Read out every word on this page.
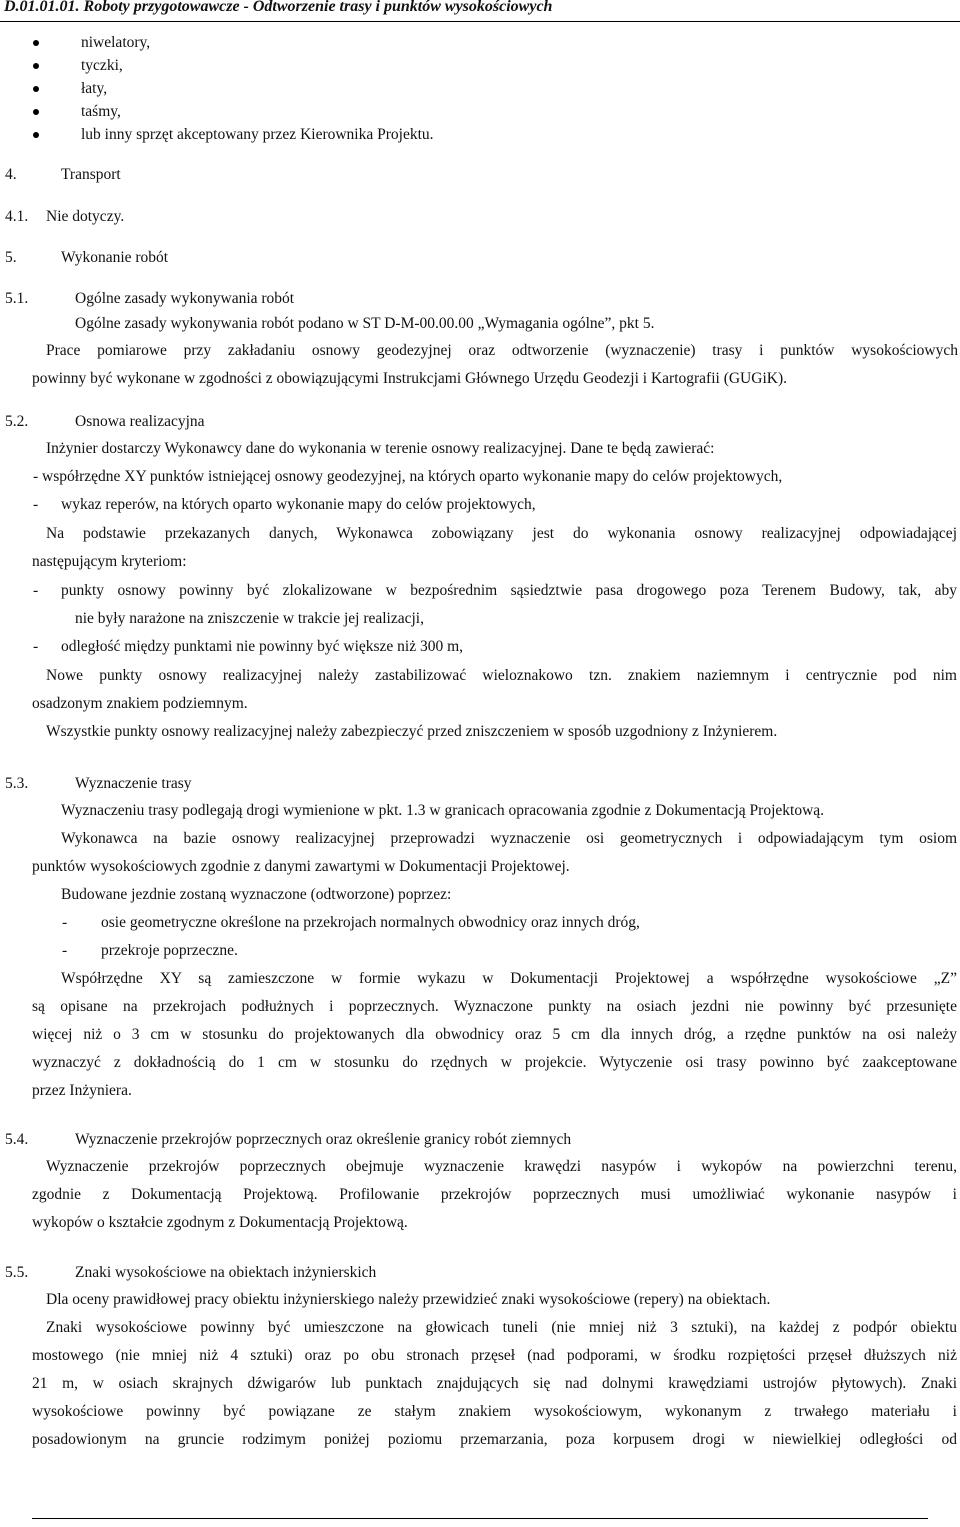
D.01.01.01. Roboty przygotowawcze - Odtworzenie trasy i punktów wysokościowych
niwelatory,
tyczki,
łaty,
taśmy,
lub inny sprzęt akceptowany przez Kierownika Projektu.
4.	Transport
4.1. Nie dotyczy.
5.	Wykonanie robót
5.1.	Ogólne zasady wykonywania robót
Ogólne zasady wykonywania robót podano w ST D-M-00.00.00 „Wymagania ogólne”, pkt 5.
Prace pomiarowe przy zakładaniu osnowy geodezyjnej oraz odtworzenie (wyznaczenie) trasy i punktów wysokościowych
powinny być wykonane w zgodności z obowiązującymi Instrukcjami Głównego Urzędu Geodezji i Kartografii (GUGiK).
5.2.	Osnowa realizacyjna
Inżynier dostarczy Wykonawcy dane do wykonania w terenie osnowy realizacyjnej. Dane te będą zawierać:
- współrzędne XY punktów istniejącej osnowy geodezyjnej, na których oparto wykonanie mapy do celów projektowych,
- wykaz reperów, na których oparto wykonanie mapy do celów projektowych,
Na podstawie przekazanych danych, Wykonawca zobowiązany jest do wykonania osnowy realizacyjnej odpowiadającej
następującym kryteriom:
- punkty osnowy powinny być zlokalizowane w bezpośrednim sąsiedztwie pasa drogowego poza Terenem Budowy, tak, aby
nie były narażone na zniszczenie w trakcie jej realizacji,
- odległość między punktami nie powinny być większe niż 300 m,
Nowe punkty osnowy realizacyjnej należy zastabilizować wieloznakowo tzn. znakiem naziemnym i centrycznie pod nim
osadzonym znakiem podziemnym.
Wszystkie punkty osnowy realizacyjnej należy zabezpieczyć przed zniszczeniem w sposób uzgodniony z Inżynierem.
5.3.	Wyznaczenie trasy
Wyznaczeniu trasy podlegają drogi wymienione w pkt. 1.3 w granicach opracowania zgodnie z Dokumentacją Projektową.
Wykonawca na bazie osnowy realizacyjnej przeprowadzi wyznaczenie osi geometrycznych i odpowiadającym tym osiom
punktów wysokościowych zgodnie z danymi zawartymi w Dokumentacji Projektowej.
Budowane jezdnie zostaną wyznaczone (odtworzone) poprzez:
- osie geometryczne określone na przekrojach normalnych obwodnicy oraz innych dróg,
- przekroje poprzeczne.
Współrzędne XY są zamieszczone w formie wykazu w Dokumentacji Projektowej a współrzędne wysokościowe „Z”
są opisane na przekrojach podłużnych i poprzecznych. Wyznaczone punkty na osiach jezdni nie powinny być przesunięte
więcej niż o 3 cm w stosunku do projektowanych dla obwodnicy oraz 5 cm dla innych dróg, a rzędne punktów na osi należy
wyznaczyć z dokładnością do 1 cm w stosunku do rzędnych w projekcie. Wytyczenie osi trasy powinno być zaakceptowane
przez Inżyniera.
5.4.	Wyznaczenie przekrojów poprzecznych oraz określenie granicy robót ziemnych
Wyznaczenie przekrojów poprzecznych obejmuje wyznaczenie krawędzi nasypów i wykopów na powierzchni terenu,
zgodnie z Dokumentacją Projektową. Profilowanie przekrojów poprzecznych musi umożliwiać wykonanie nasypów i
wykopów o kształcie zgodnym z Dokumentacją Projektową.
5.5.	Znaki wysokościowe na obiektach inżynierskich
Dla oceny prawidłowej pracy obiektu inżynierskiego należy przewidzieć znaki wysokościowe (repery) na obiektach.
Znaki wysokościowe powinny być umieszczone na głowicach tuneli (nie mniej niż 3 sztuki), na każdej z podpór obiektu
mostowego (nie mniej niż 4 sztuki) oraz po obu stronach przęseł (nad podporami, w środku rozpiętości przęseł dłuższych niż
21 m, w osiach skrajnych dźwigarów lub punktach znajdujących się nad dolnymi krawędziami ustrojów płytowych). Znaki
wysokościowe powinny być powiązane ze stałym znakiem wysokościowym, wykonanym z trwałego materiału i
posadowionym na gruncie rodzimym poniżej poziomu przemarzania, poza korpusem drogi w niewielkiej odległości od
